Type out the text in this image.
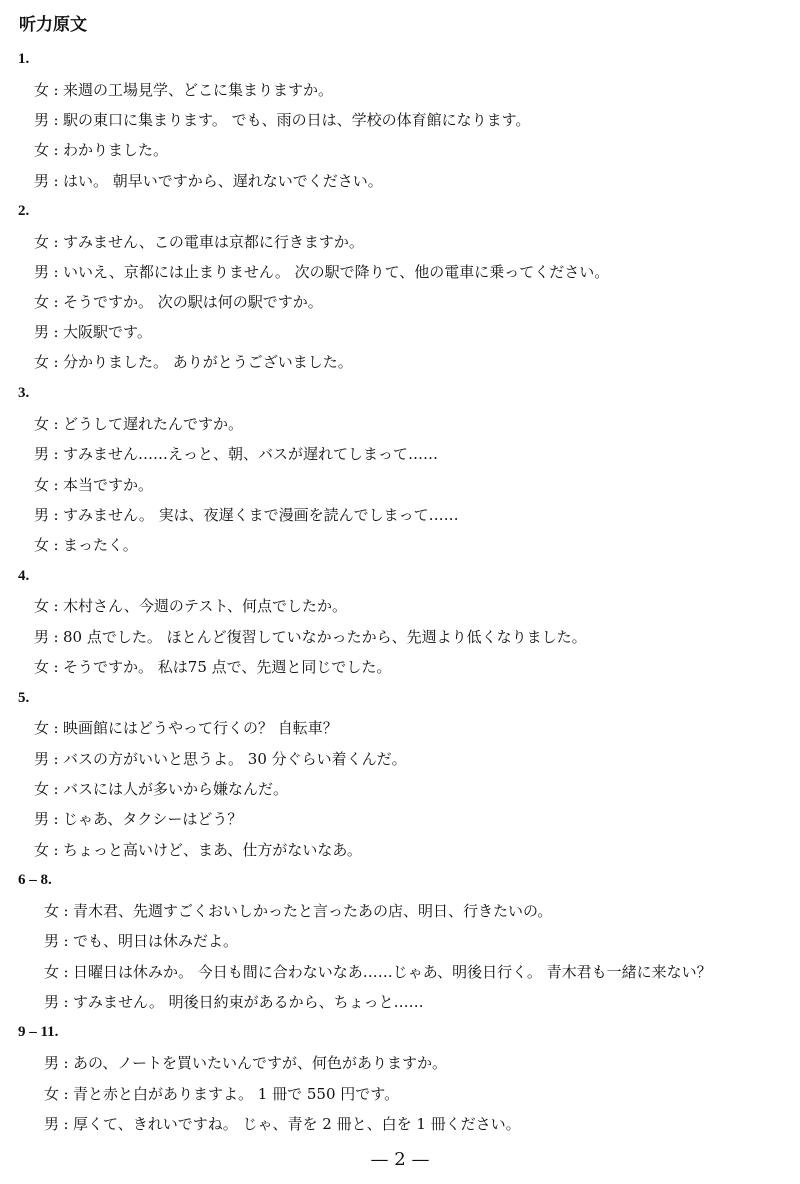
听力原文
1.
女 : 来週の工場見学、どこに集まりますか。
男 : 駅の東口に集まります。 でも、雨の日は、学校の体育館になります。
女 : わかりました。
男 : はい。 朝早いですから、遅れないでください。
2.
女 : すみません、この電車は京都に行きますか。
男 : いいえ、京都には止まりません。 次の駅で降りて、他の電車に乗ってください。
女 : そうですか。 次の駅は何の駅ですか。
男 : 大阪駅です。
女 : 分かりました。 ありがとうございました。
3.
女 : どうして遅れたんですか。
男 : すみません……えっと、朝、バスが遅れてしまって……
女 : 本当ですか。
男 : すみません。 実は、夜遅くまで漫画を読んでしまって……
女 : まったく。
4.
女 : 木村さん、今週のテスト、何点でしたか。
男 : 80 点でした。 ほとんど復習していなかったから、先週より低くなりました。
女 : そうですか。 私は75 点で、先週と同じでした。
5.
女 : 映画館にはどうやって行くの？ 自転車？
男 : バスの方がいいと思うよ。 30 分ぐらい着くんだ。
女 : バスには人が多いから嫌なんだ。
男 : じゃあ、タクシーはどう？
女 : ちょっと高いけど、まあ、仕方がないなあ。
6 – 8.
女 : 青木君、先週すごくおいしかったと言ったあの店、明日、行きたいの。
男 : でも、明日は休みだよ。
女 : 日曜日は休みか。 今日も間に合わないなあ……じゃあ、明後日行く。 青木君も一緒に来ない？
男 : すみません。 明後日約束があるから、ちょっと……
9 – 11.
男 : あの、ノートを買いたいんですが、何色がありますか。
女 : 青と赤と白がありますよ。 1 冊で 550 円です。
男 : 厚くて、きれいですね。 じゃ、青を 2 冊と、白を 1 冊ください。
— 2 —
